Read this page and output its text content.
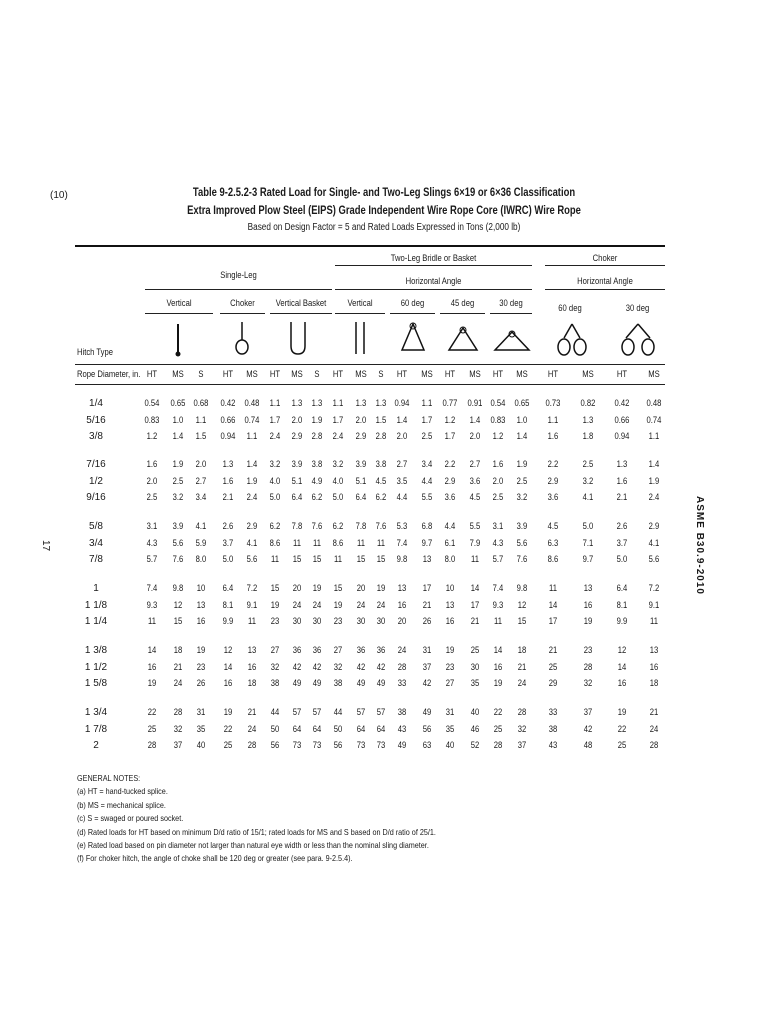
(10)	Table 9-2.5.2-3 Rated Load for Single- and Two-Leg Slings 6×19 or 6×36 Classification
Extra Improved Plow Steel (EIPS) Grade Independent Wire Rope Core (IWRC) Wire Rope
Based on Design Factor = 5 and Rated Loads Expressed in Tons (2,000 lb)
17	ASME B30.9-2010
Two-Leg Bridle or Basket	Choker
Single-Leg
Horizontal Angle	Horizontal Angle
Vertical	Choker	Vertical Basket	Vertical	60 deg	45 deg	30 deg	60 deg	30 deg
Hitch Type
Rope Diameter, in. HT	MS	S	HT	MS	HT	MS	S	HT	MS	S	HT	MS	HT	MS	HT	MS	HT	MS	HT	MS
1/4	0.54	0.65 0.68	0.42	0.48	1.1	1.3	1.3	1.1	1.3	1.3 0.94	1.1	0.77	0.91 0.54	0.65	0.73	0.82	0.42	0.48
5/16	0.83	1.0	1.1	0.66	0.74	1.7	2.0	1.9	1.7	2.0	1.5	1.4	1.7	1.2	1.4	0.83	1.0	1.1	1.3	0.66	0.74
3/8	1.2	1.4	1.5	0.94	1.1	2.4	2.9	2.8	2.4	2.9	2.8	2.0	2.5	1.7	2.0	1.2	1.4	1.6	1.8	0.94	1.1
7/16	1.6	1.9	2.0	1.3	1.4	3.2	3.9	3.8	3.2	3.9	3.8	2.7	3.4	2.2	2.7	1.6	1.9	2.2	2.5	1.3	1.4
1/2	2.0	2.5	2.7	1.6	1.9	4.0	5.1	4.9	4.0	5.1	4.5	3.5	4.4	2.9	3.6	2.0	2.5	2.9	3.2	1.6	1.9
9/16	2.5	3.2	3.4	2.1	2.4	5.0	6.4	6.2	5.0	6.4	6.2	4.4	5.5	3.6	4.5	2.5	3.2	3.6	4.1	2.1	2.4
5/8	3.1	3.9	4.1	2.6	2.9	6.2	7.8	7.6	6.2	7.8	7.6	5.3	6.8	4.4	5.5	3.1	3.9	4.5	5.0	2.6	2.9
3/4	4.3	5.6	5.9	3.7	4.1	8.6	11	11	8.6	11	11	7.4	9.7	6.1	7.9	4.3	5.6	6.3	7.1	3.7	4.1
7/8	5.7	7.6	8.0	5.0	5.6	11	15	15	11	15	15	9.8	13	8.0	11	5.7	7.6	8.6	9.7	5.0	5.6
1	7.4	9.8	10	6.4	7.2	15	20	19	15	20	19	13	17	10	14	7.4	9.8	11	13	6.4	7.2
1 1/8	9.3	12	13	8.1	9.1	19	24	24	19	24	24	16	21	13	17	9.3	12	14	16	8.1	9.1
1 1/4	11	15	16	9.9	11	23	30	30	23	30	30	20	26	16	21	11	15	17	19	9.9	11
1 3/8	14	18	19	12	13	27	36	36	27	36	36	24	31	19	25	14	18	21	23	12	13
1 1/2	16	21	23	14	16	32	42	42	32	42	42	28	37	23	30	16	21	25	28	14	16
1 5/8	19	24	26	16	18	38	49	49	38	49	49	33	42	27	35	19	24	29	32	16	18
1 3/4	22	28	31	19	21	44	57	57	44	57	57	38	49	31	40	22	28	33	37	19	21
1 7/8	25	32	35	22	24	50	64	64	50	64	64	43	56	35	46	25	32	38	42	22	24
2	28	37	40	25	28	56	73	73	56	73	73	49	63	40	52	28	37	43	48	25	28
GENERAL NOTES:
(a) HT = hand-tucked splice.
(b) MS = mechanical splice.
(c) S = swaged or poured socket.
(d) Rated loads for HT based on minimum D/d ratio of 15/1; rated loads for MS and S based on D/d ratio of 25/1.
(e) Rated load based on pin diameter not larger than natural eye width or less than the nominal sling diameter.
(f) For choker hitch, the angle of choke shall be 120 deg or greater (see para. 9-2.5.4).
